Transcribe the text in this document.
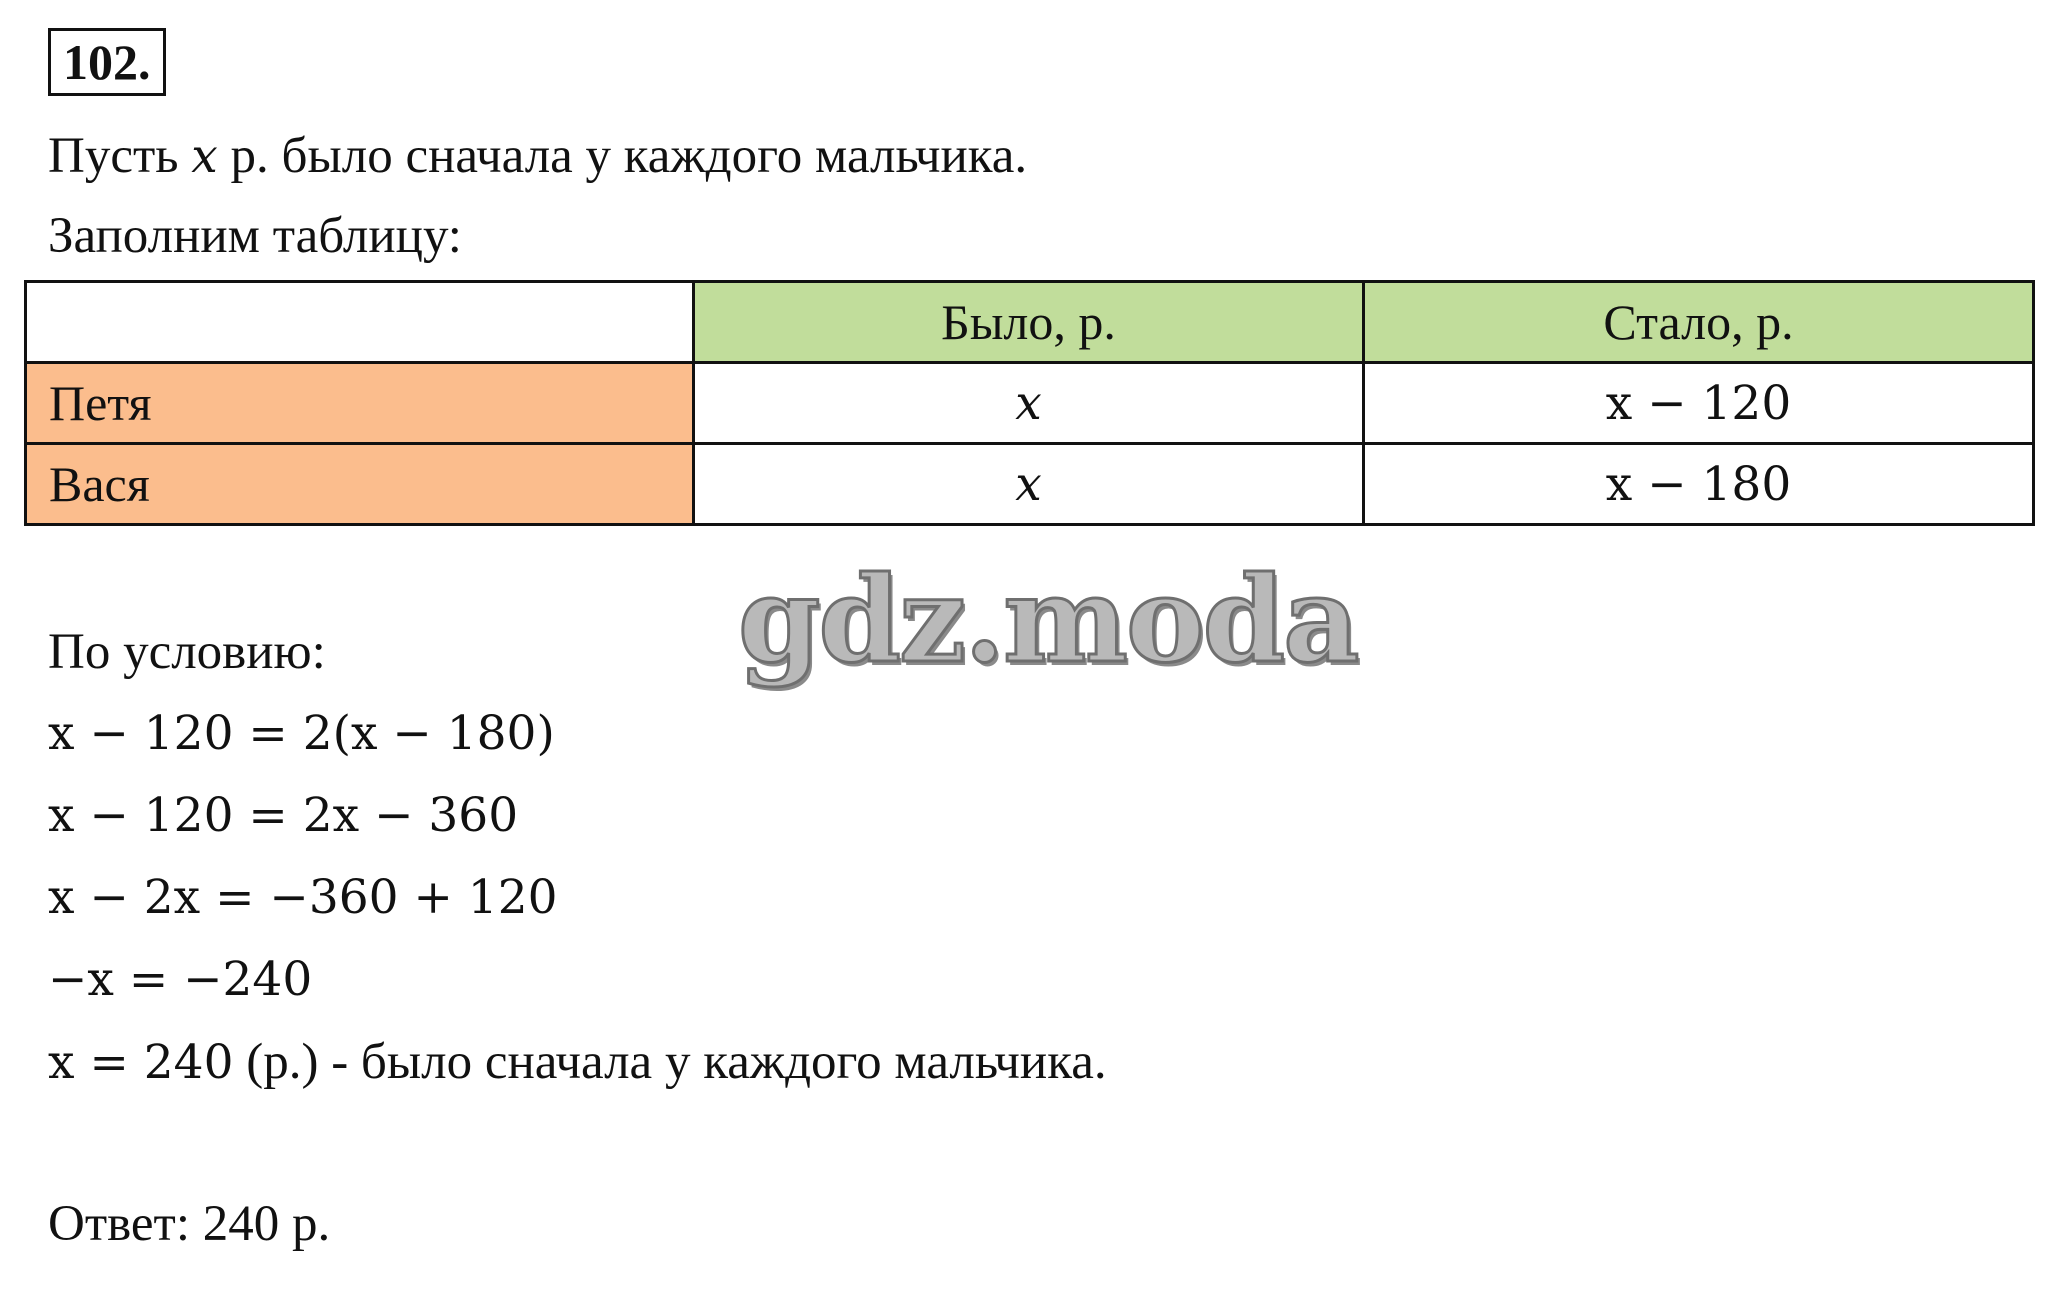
102.
Пусть x р. было сначала у каждого мальчика.
Заполним таблицу:
	Было, р.	Стало, р.
Петя	x	x − 120
Вася	x	x − 180
gdz.moda
По условию:
x − 120 = 2(x − 180)
x − 120 = 2x − 360
x − 2x = −360 + 120
−x = −240
x = 240 (р.) - было сначала у каждого мальчика.
Ответ: 240 р.
